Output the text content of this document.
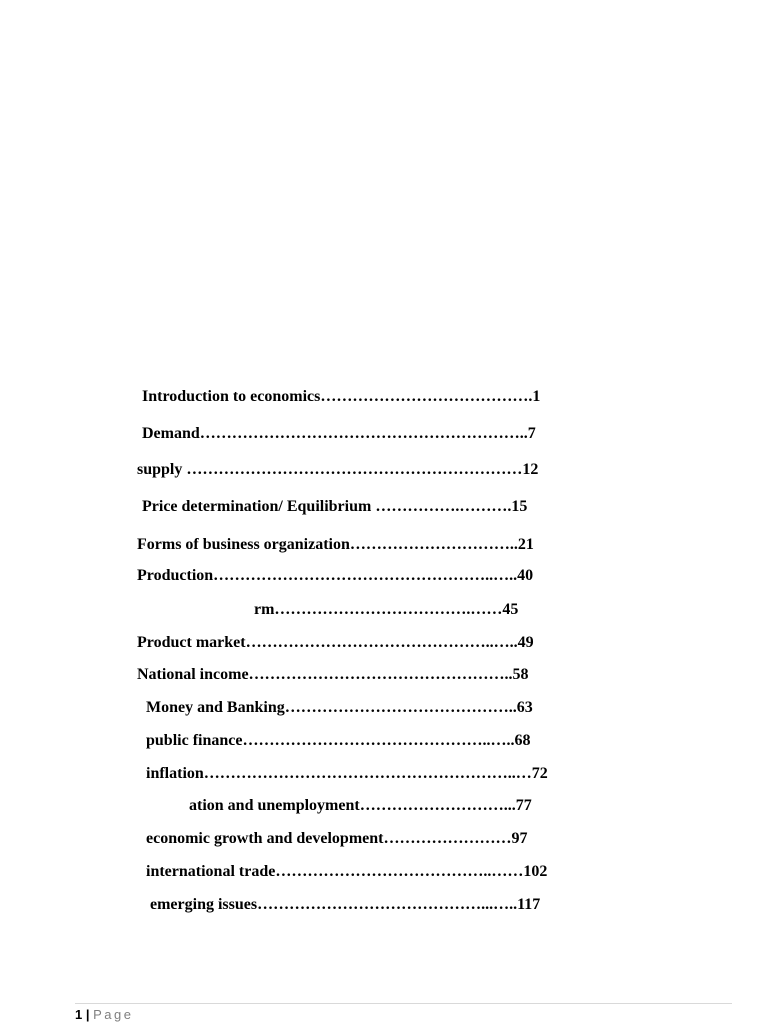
Introduction to economics………………………………….1
Demand……………………………………………………..7
supply ………………………………………………………12
Price determination/ Equilibrium …………….……….15
Forms of business organization…………………………..21
Production……………………………………………..…..40
rm……………………………….……45
Product market………………………………………..…..49
National income…………………………………………..58
Money and Banking……………………………………..63
public finance………………………………………..…..68
inflation…………………………………………………..…72
ation and unemployment………………………...77
economic growth and development……………………97
international trade…………………………………..……102
emerging issues……………………………………...…..117
1 | Page
